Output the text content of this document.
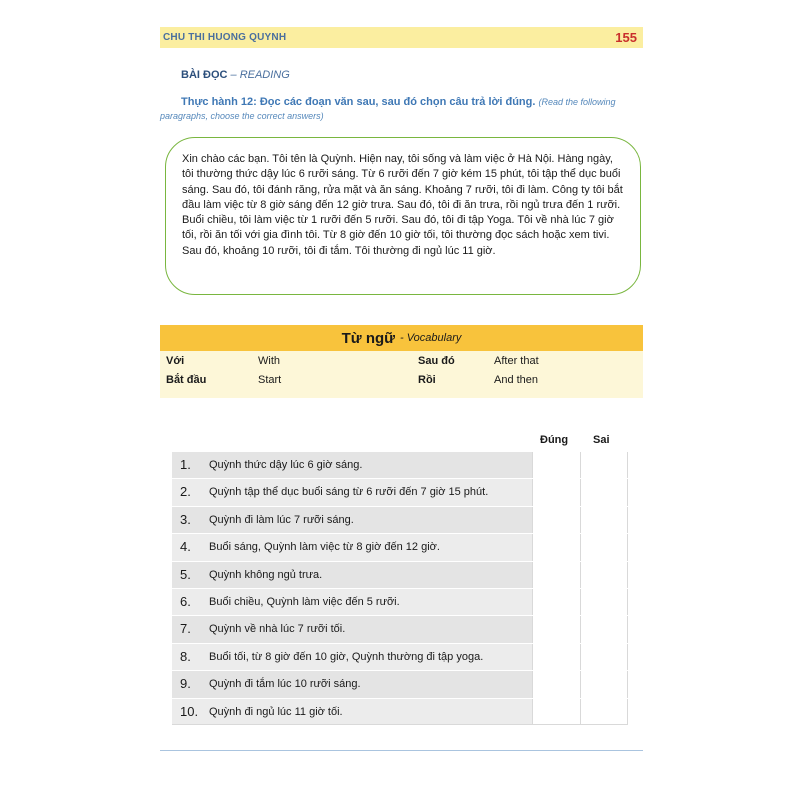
CHU THI HUONG QUYNH	155
BÀI ĐỌC – READING
Thực hành 12: Đọc các đoạn văn sau, sau đó chọn câu trả lời đúng. (Read the following paragraphs, choose the correct answers)
Xin chào các bạn. Tôi tên là Quỳnh. Hiện nay, tôi sống và làm việc ở Hà Nội. Hàng ngày, tôi thường thức dậy lúc 6 rưỡi sáng. Từ 6 rưỡi đến 7 giờ kém 15 phút, tôi tập thể dục buổi sáng. Sau đó, tôi đánh răng, rửa mặt và ăn sáng. Khoảng 7 rưỡi, tôi đi làm. Công ty tôi bắt đầu làm việc từ 8 giờ sáng đến 12 giờ trưa. Sau đó, tôi đi ăn trưa, rồi ngủ trưa đến 1 rưỡi. Buổi chiều, tôi làm việc từ 1 rưỡi đến 5 rưỡi. Sau đó, tôi đi tập Yoga. Tôi về nhà lúc 7 giờ tối, rồi ăn tối với gia đình tôi. Từ 8 giờ đến 10 giờ tối, tôi thường đọc sách hoặc xem tivi. Sau đó, khoảng 10 rưỡi, tôi đi tắm. Tôi thường đi ngủ lúc 11 giờ.
Từ ngữ - Vocabulary
Với	With	Sau đó	After that
Bắt đầu	Start	Rồi	And then
Đúng Sai
1. Quỳnh thức dậy lúc 6 giờ sáng.
2. Quỳnh tập thể dục buổi sáng từ 6 rưỡi đến 7 giờ 15 phút.
3. Quỳnh đi làm lúc 7 rưỡi sáng.
4. Buổi sáng, Quỳnh làm việc từ 8 giờ đến 12 giờ.
5. Quỳnh không ngủ trưa.
6. Buổi chiều, Quỳnh làm việc đến 5 rưỡi.
7. Quỳnh về nhà lúc 7 rưỡi tối.
8. Buổi tối, từ 8 giờ đến 10 giờ, Quỳnh thường đi tập yoga.
9. Quỳnh đi tắm lúc 10 rưỡi sáng.
10. Quỳnh đi ngủ lúc 11 giờ tối.
